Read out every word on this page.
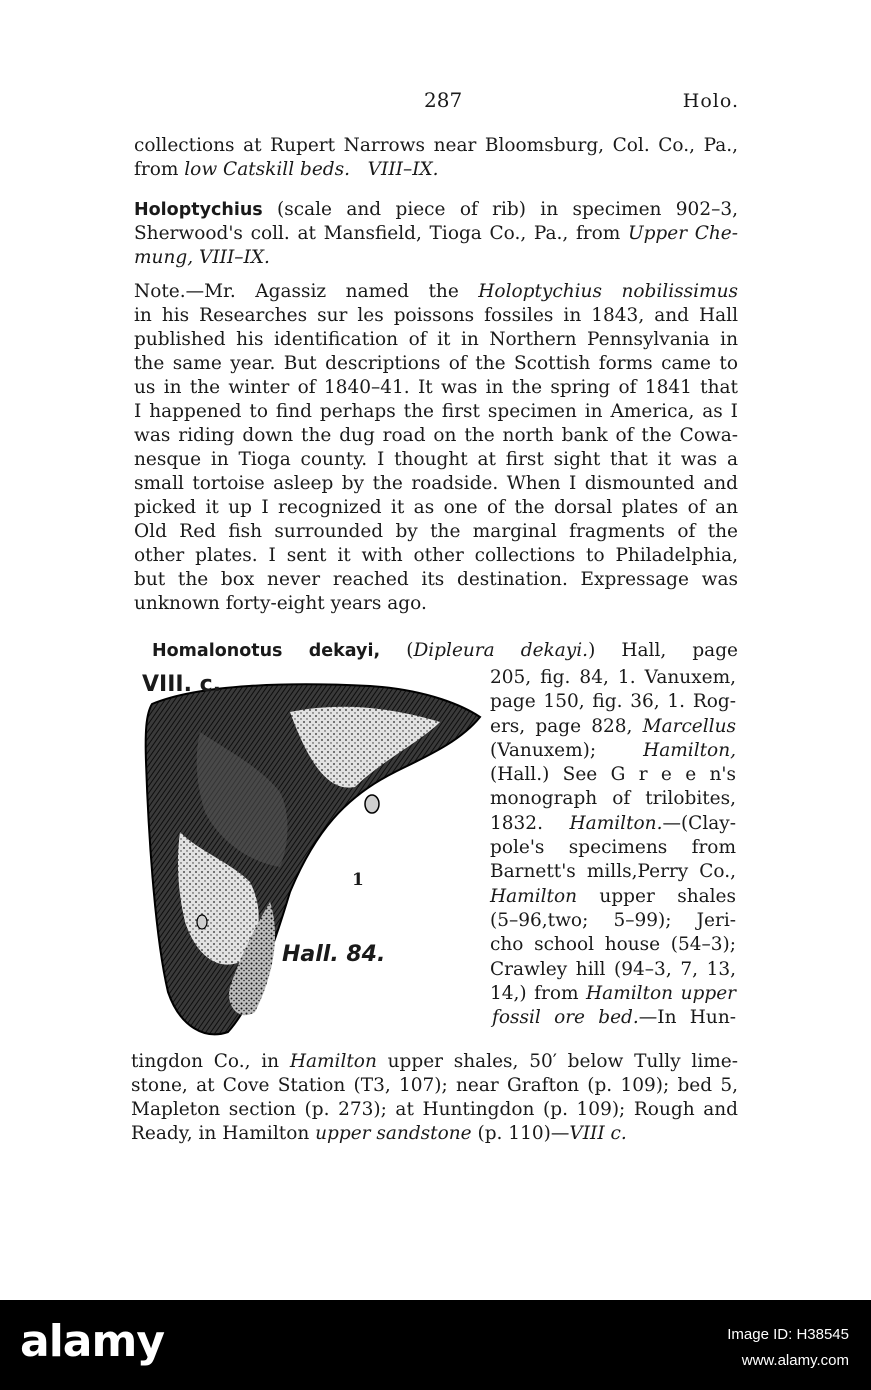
287	Holo.
collections at Rupert Narrows near Bloomsburg, Col. Co., Pa.,
from low Catskill beds. VIII–IX.
Holoptychius (scale and piece of rib) in specimen 902–3,
Sherwood's coll. at Mansfield, Tioga Co., Pa., from Upper Che-
mung, VIII–IX.
Note.—Mr. Agassiz named the Holoptychius nobilissimus
in his Researches sur les poissons fossiles in 1843, and Hall
published his identification of it in Northern Pennsylvania in
the same year. But descriptions of the Scottish forms came to
us in the winter of 1840–41. It was in the spring of 1841 that
I happened to find perhaps the first specimen in America, as I
was riding down the dug road on the north bank of the Cowa-
nesque in Tioga county. I thought at first sight that it was a
small tortoise asleep by the roadside. When I dismounted and
picked it up I recognized it as one of the dorsal plates of an
Old Red fish surrounded by the marginal fragments of the
other plates. I sent it with other collections to Philadelphia,
but the box never reached its destination. Expressage was
unknown forty-eight years ago.
Homalonotus dekayi, (Dipleura dekayi.) Hall, page
VIII. c.
1
Hall. 84.
205, fig. 84, 1. Vanuxem,
page 150, fig. 36, 1. Rog-
ers, page 828, Marcellus
(Vanuxem); Hamilton,
(Hall.) See G r e e n's
monograph of trilobites,
1832. Hamilton.—(Clay-
pole's specimens from
Barnett's mills,Perry Co.,
Hamilton upper shales
(5–96,two; 5–99); Jeri-
cho school house (54–3);
Crawley hill (94–3, 7, 13,
14,) from Hamilton upper
fossil ore bed.—In Hun-
tingdon Co., in Hamilton upper shales, 50′ below Tully lime-
stone, at Cove Station (T3, 107); near Grafton (p. 109); bed 5,
Mapleton section (p. 273); at Huntingdon (p. 109); Rough and
Ready, in Hamilton upper sandstone (p. 110)—VIII c.
alamy	Image ID: H38545
www.alamy.com
